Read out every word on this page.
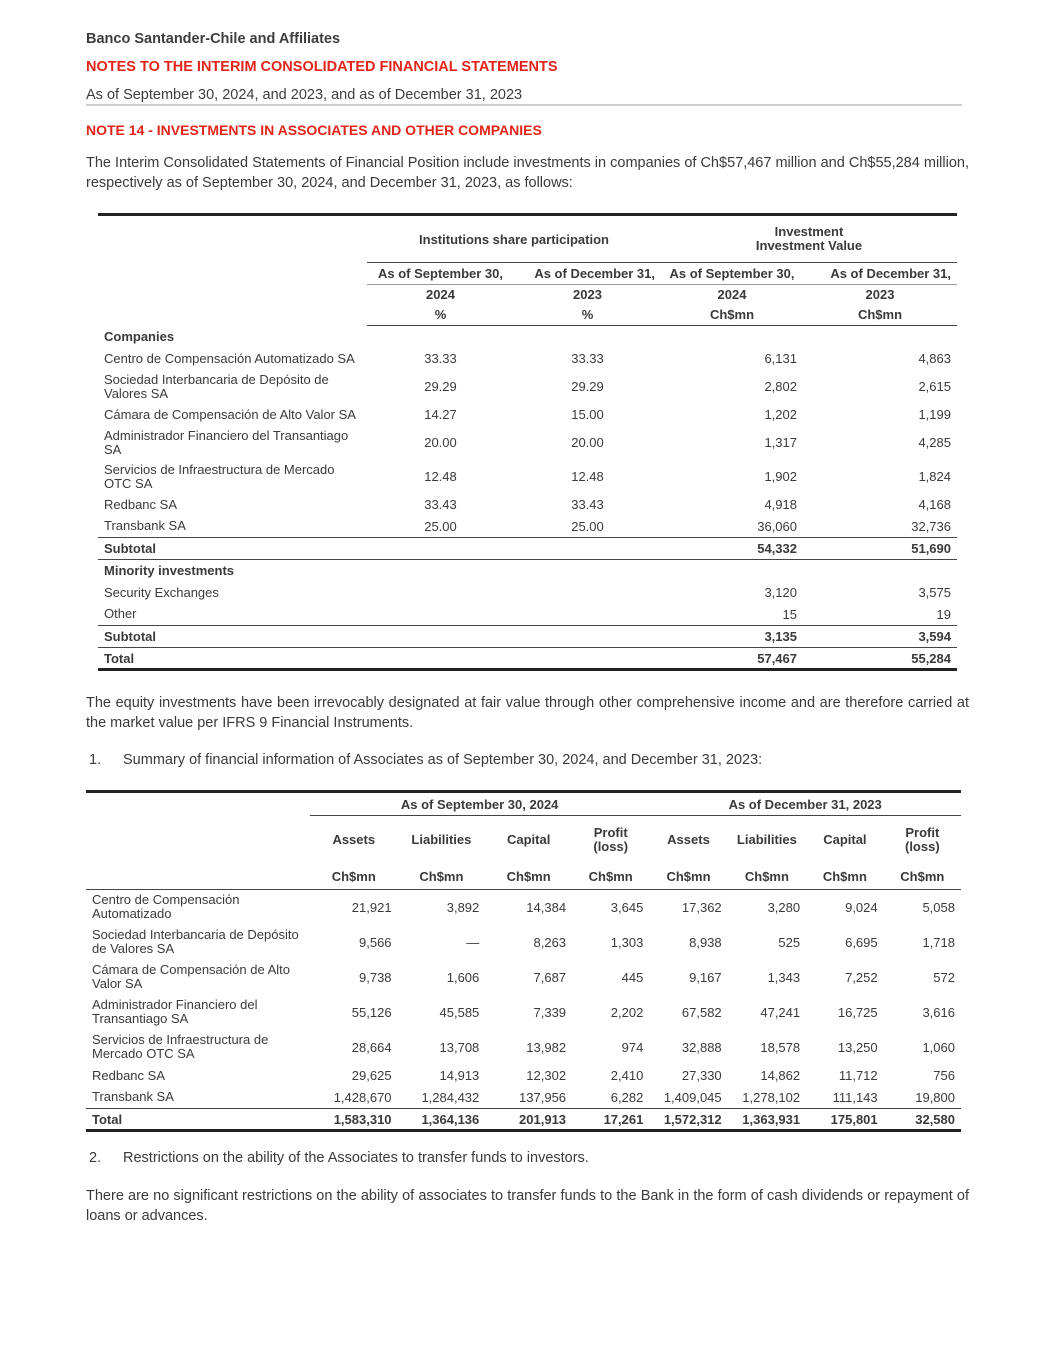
Banco Santander-Chile and Affiliates
NOTES TO THE INTERIM CONSOLIDATED FINANCIAL STATEMENTS
As of September 30, 2024, and 2023, and as of December 31, 2023
NOTE 14 - INVESTMENTS IN ASSOCIATES AND OTHER COMPANIES
The Interim Consolidated Statements of Financial Position include investments in companies of Ch$57,467 million and Ch$55,284 million, respectively as of September 30, 2024, and December 31, 2023, as follows:
	Institutions share participation		Investment
Investment Value	

	As of September 30,	As of December 31,	As of September 30,	As of December 31,
	2024	2023	2024	2023
	%	%	Ch$mn	Ch$mn
Companies				
Centro de Compensación Automatizado SA	33.33	33.33	6,131	4,863
Sociedad Interbancaria de Depósito de Valores SA	29.29	29.29	2,802	2,615
Cámara de Compensación de Alto Valor SA	14.27	15.00	1,202	1,199
Administrador Financiero del Transantiago SA	20.00	20.00	1,317	4,285
Servicios de Infraestructura de Mercado OTC SA	12.48	12.48	1,902	1,824
Redbanc SA	33.43	33.43	4,918	4,168
Transbank SA	25.00	25.00	36,060	32,736
Subtotal			54,332	51,690
Minority investments				
Security Exchanges			3,120	3,575
Other			15	19
Subtotal			3,135	3,594
Total			57,467	55,284
The equity investments have been irrevocably designated at fair value through other comprehensive income and are therefore carried at the market value per IFRS 9 Financial Instruments.
1. Summary of financial information of Associates as of September 30, 2024, and December 31, 2023:
	As of September 30, 2024				As of December 31, 2023			
	Assets	Liabilities	Capital	Profit (loss)	Assets	Liabilities	Capital	Profit (loss)
	Ch$mn	Ch$mn	Ch$mn	Ch$mn	Ch$mn	Ch$mn	Ch$mn	Ch$mn
Centro de Compensación Automatizado	21,921	3,892	14,384	3,645	17,362	3,280	9,024	5,058
Sociedad Interbancaria de Depósito de Valores SA	9,566	—	8,263	1,303	8,938	525	6,695	1,718
Cámara de Compensación de Alto Valor SA	9,738	1,606	7,687	445	9,167	1,343	7,252	572
Administrador Financiero del Transantiago SA	55,126	45,585	7,339	2,202	67,582	47,241	16,725	3,616
Servicios de Infraestructura de Mercado OTC SA	28,664	13,708	13,982	974	32,888	18,578	13,250	1,060
Redbanc SA	29,625	14,913	12,302	2,410	27,330	14,862	11,712	756
Transbank SA	1,428,670	1,284,432	137,956	6,282	1,409,045	1,278,102	111,143	19,800
Total	1,583,310	1,364,136	201,913	17,261	1,572,312	1,363,931	175,801	32,580
2. Restrictions on the ability of the Associates to transfer funds to investors.
There are no significant restrictions on the ability of associates to transfer funds to the Bank in the form of cash dividends or repayment of loans or advances.
